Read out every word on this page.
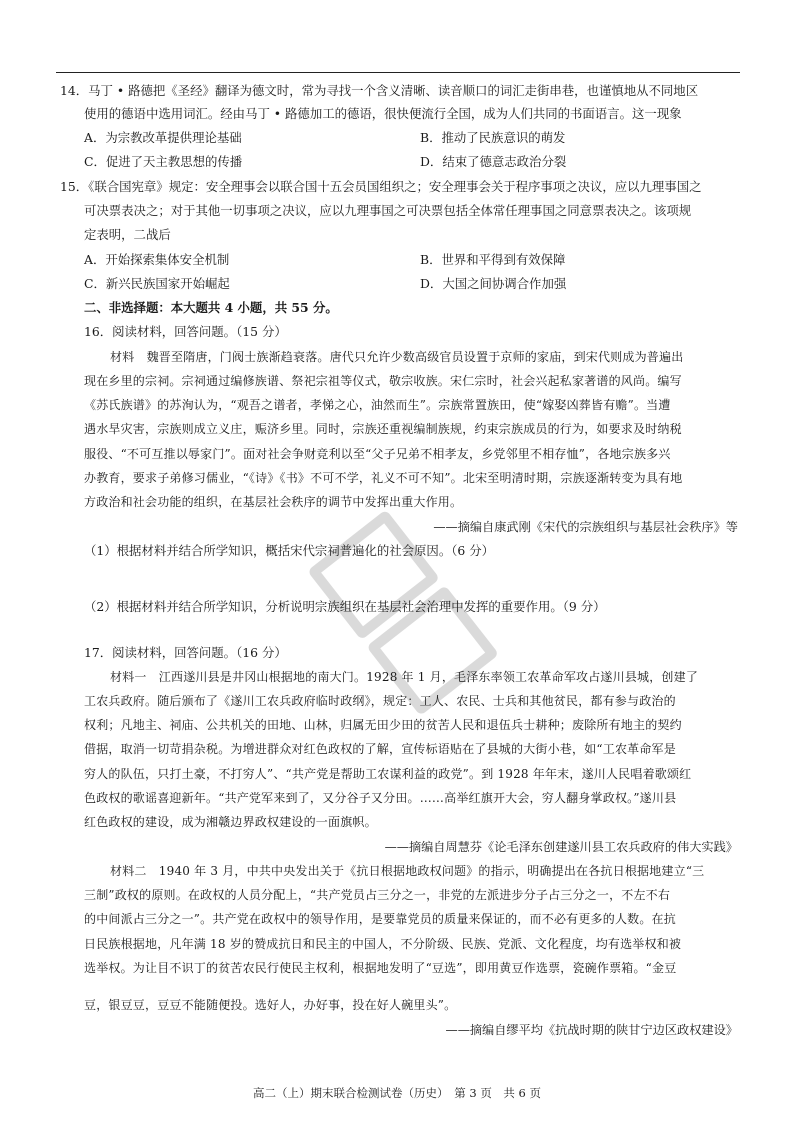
14．马丁 • 路德把《圣经》翻译为德文时，常为寻找一个含义清晰、读音顺口的词汇走街串巷，也谨慎地从不同地区
使用的德语中选用词汇。经由马丁 • 路德加工的德语，很快便流行全国，成为人们共同的书面语言。这一现象
A．为宗教改革提供理论基础	B．推动了民族意识的萌发
C．促进了天主教思想的传播	D．结束了德意志政治分裂
15．《联合国宪章》规定：安全理事会以联合国十五会员国组织之；安全理事会关于程序事项之决议，应以九理事国之
可决票表决之；对于其他一切事项之决议，应以九理事国之可决票包括全体常任理事国之同意票表决之。该项规
定表明，二战后
A．开始探索集体安全机制	B．世界和平得到有效保障
C．新兴民族国家开始崛起	D．大国之间协调合作加强
二、非选择题：本大题共 4 小题，共 55 分。
16．阅读材料，回答问题。（15 分）
材料　魏晋至隋唐，门阀士族渐趋衰落。唐代只允许少数高级官员设置于京师的家庙，到宋代则成为普遍出
现在乡里的宗祠。宗祠通过编修族谱、祭祀宗祖等仪式，敬宗收族。宋仁宗时，社会兴起私家著谱的风尚。编写
《苏氏族谱》的苏洵认为，“观吾之谱者，孝悌之心，油然而生”。宗族常置族田，使“嫁娶凶葬皆有赡”。当遭
遇水旱灾害，宗族则成立义庄，赈济乡里。同时，宗族还重视编制族规，约束宗族成员的行为，如要求及时纳税
服役、“不可互推以辱家门”。面对社会争财竞利以至“父子兄弟不相孝友，乡党邻里不相存恤”，各地宗族多兴
办教育，要求子弟修习儒业，“《诗》《书》不可不学，礼义不可不知”。北宋至明清时期，宗族逐渐转变为具有地
方政治和社会功能的组织，在基层社会秩序的调节中发挥出重大作用。
——摘编自康武刚《宋代的宗族组织与基层社会秩序》等
（1）根据材料并结合所学知识，概括宋代宗祠普遍化的社会原因。（6 分）
（2）根据材料并结合所学知识，分析说明宗族组织在基层社会治理中发挥的重要作用。（9 分）
17．阅读材料，回答问题。（16 分）
材料一　江西遂川县是井冈山根据地的南大门。1928 年 1 月，毛泽东率领工农革命军攻占遂川县城，创建了
工农兵政府。随后颁布了《遂川工农兵政府临时政纲》，规定：工人、农民、士兵和其他贫民，都有参与政治的
权利；凡地主、祠庙、公共机关的田地、山林，归属无田少田的贫苦人民和退伍兵士耕种；废除所有地主的契约
借据，取消一切苛捐杂税。为增进群众对红色政权的了解，宣传标语贴在了县城的大街小巷，如“工农革命军是
穷人的队伍，只打土豪，不打穷人”、“共产党是帮助工农谋利益的政党”。到 1928 年年末，遂川人民唱着歌颂红
色政权的歌谣喜迎新年。“共产党军来到了，又分谷子又分田。……高举红旗开大会，穷人翻身掌政权。”遂川县
红色政权的建设，成为湘赣边界政权建设的一面旗帜。
——摘编自周慧芬《论毛泽东创建遂川县工农兵政府的伟大实践》
材料二　1940 年 3 月，中共中央发出关于《抗日根据地政权问题》的指示，明确提出在各抗日根据地建立“三
三制”政权的原则。在政权的人员分配上，“共产党员占三分之一，非党的左派进步分子占三分之一，不左不右
的中间派占三分之一”。共产党在政权中的领导作用，是要靠党员的质量来保证的，而不必有更多的人数。在抗
日民族根据地，凡年满 18 岁的赞成抗日和民主的中国人，不分阶级、民族、党派、文化程度，均有选举权和被
选举权。为让目不识丁的贫苦农民行使民主权利，根据地发明了“豆选”，即用黄豆作选票，瓷碗作票箱。“金豆
豆，银豆豆，豆豆不能随便投。选好人，办好事，投在好人碗里头”。
——摘编自缪平均《抗战时期的陕甘宁边区政权建设》
高二（上）期末联合检测试卷（历史）　第 3 页　共 6 页
